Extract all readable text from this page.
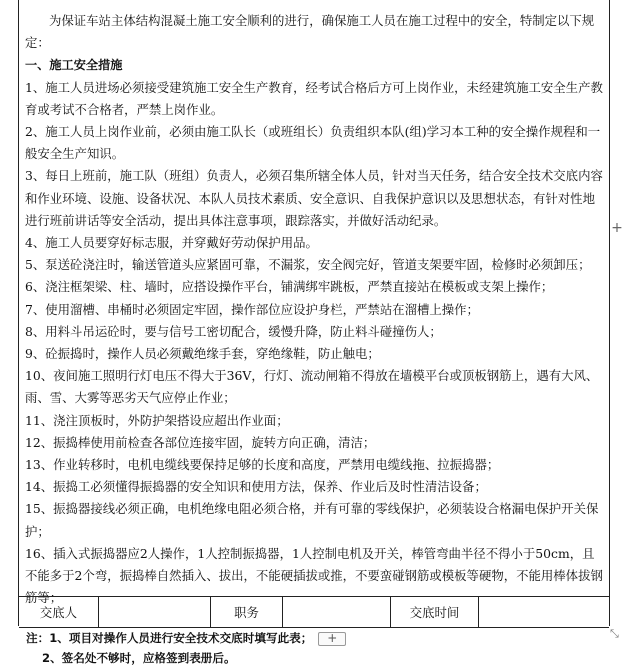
为保证车站主体结构混凝土施工安全顺利的进行，确保施工人员在施工过程中的安全，特制定以下规定：

一、施工安全措施

1、施工人员进场必须接受建筑施工安全生产教育，经考试合格后方可上岗作业，未经建筑施工安全生产教育或考试不合格者，严禁上岗作业。

2、施工人员上岗作业前，必须由施工队长（或班组长）负责组织本队(组)学习本工种的安全操作规程和一般安全生产知识。

3、每日上班前，施工队（班组）负责人，必须召集所辖全体人员，针对当天任务，结合安全技术交底内容和作业环境、设施、设备状况、本队人员技术素质、安全意识、自我保护意识以及思想状态，有针对性地进行班前讲话等安全活动，提出具体注意事项，跟踪落实，并做好活动纪录。

4、施工人员要穿好标志服，并穿戴好劳动保护用品。

5、泵送砼浇注时，输送管道头应紧固可靠，不漏浆，安全阀完好，管道支架要牢固，检修时必须卸压；

6、浇注框架梁、柱、墙时，应搭设操作平台，铺满绑牢跳板，严禁直接站在模板或支架上操作；

7、使用溜槽、串桶时必须固定牢固，操作部位应设护身栏，严禁站在溜槽上操作；

8、用料斗吊运砼时，要与信号工密切配合，缓慢升降，防止料斗碰撞伤人；

9、砼振捣时，操作人员必须戴绝缘手套，穿绝缘鞋，防止触电；

10、夜间施工照明行灯电压不得大于36V，行灯、流动闸箱不得放在墙模平台或顶板钢筋上，遇有大风、雨、雪、大雾等恶劣天气应停止作业；

11、浇注顶板时，外防护架搭设应超出作业面；

12、振捣棒使用前检查各部位连接牢固，旋转方向正确，清洁；

13、作业转移时，电机电缆线要保持足够的长度和高度，严禁用电缆线拖、拉振捣器；

14、振捣工必须懂得振捣器的安全知识和使用方法，保养、作业后及时性清洁设备；

15、振捣器接线必须正确，电机绝缘电阻必须合格，并有可靠的零线保护，必须装设合格漏电保护开关保护；

16、插入式振捣器应2人操作，1人控制振捣器，1人控制电机及开关，棒管弯曲半径不得小于50cm，且不能多于2个弯，振捣棒自然插入、拔出，不能硬插拔或推，不要蛮碰钢筋或模板等硬物，不能用棒体拔钢筋等；

交底人	职务	交底时间
注：1、项目对操作人员进行安全技术交底时填写此表； +
2、签名处不够时，应格签到表册后。
+
⤡
